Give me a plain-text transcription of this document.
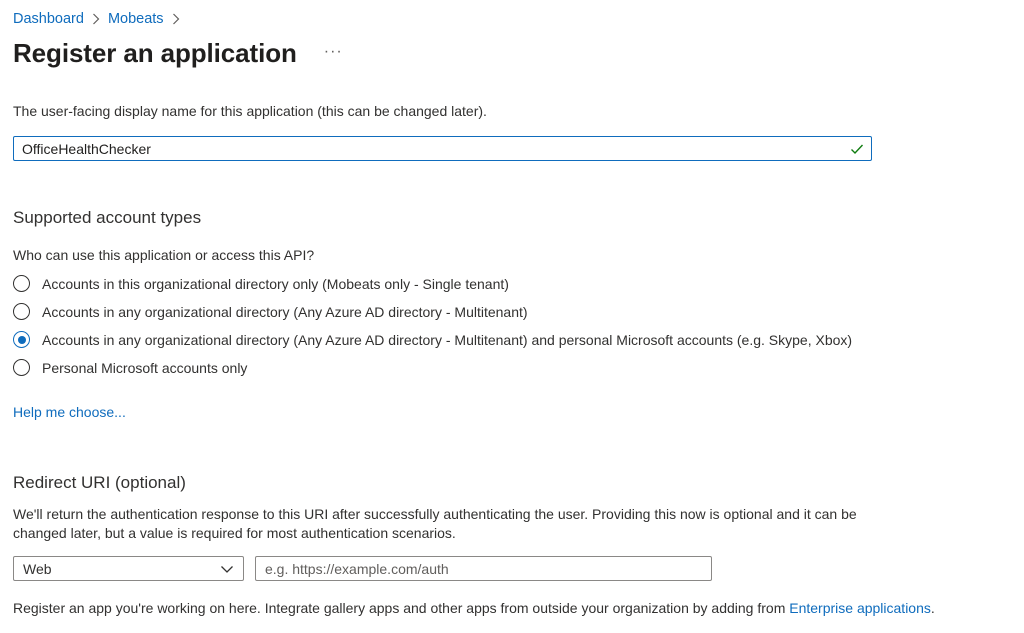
Dashboard Mobeats
Register an application ···
The user-facing display name for this application (this can be changed later).
OfficeHealthChecker
Supported account types
Who can use this application or access this API?
Accounts in this organizational directory only (Mobeats only - Single tenant)
Accounts in any organizational directory (Any Azure AD directory - Multitenant)
Accounts in any organizational directory (Any Azure AD directory - Multitenant) and personal Microsoft accounts (e.g. Skype, Xbox)
Personal Microsoft accounts only
Help me choose...
Redirect URI (optional)
We'll return the authentication response to this URI after successfully authenticating the user. Providing this now is optional and it can be changed later, but a value is required for most authentication scenarios.
Web
e.g. https://example.com/auth
Register an app you're working on here. Integrate gallery apps and other apps from outside your organization by adding from Enterprise applications.
